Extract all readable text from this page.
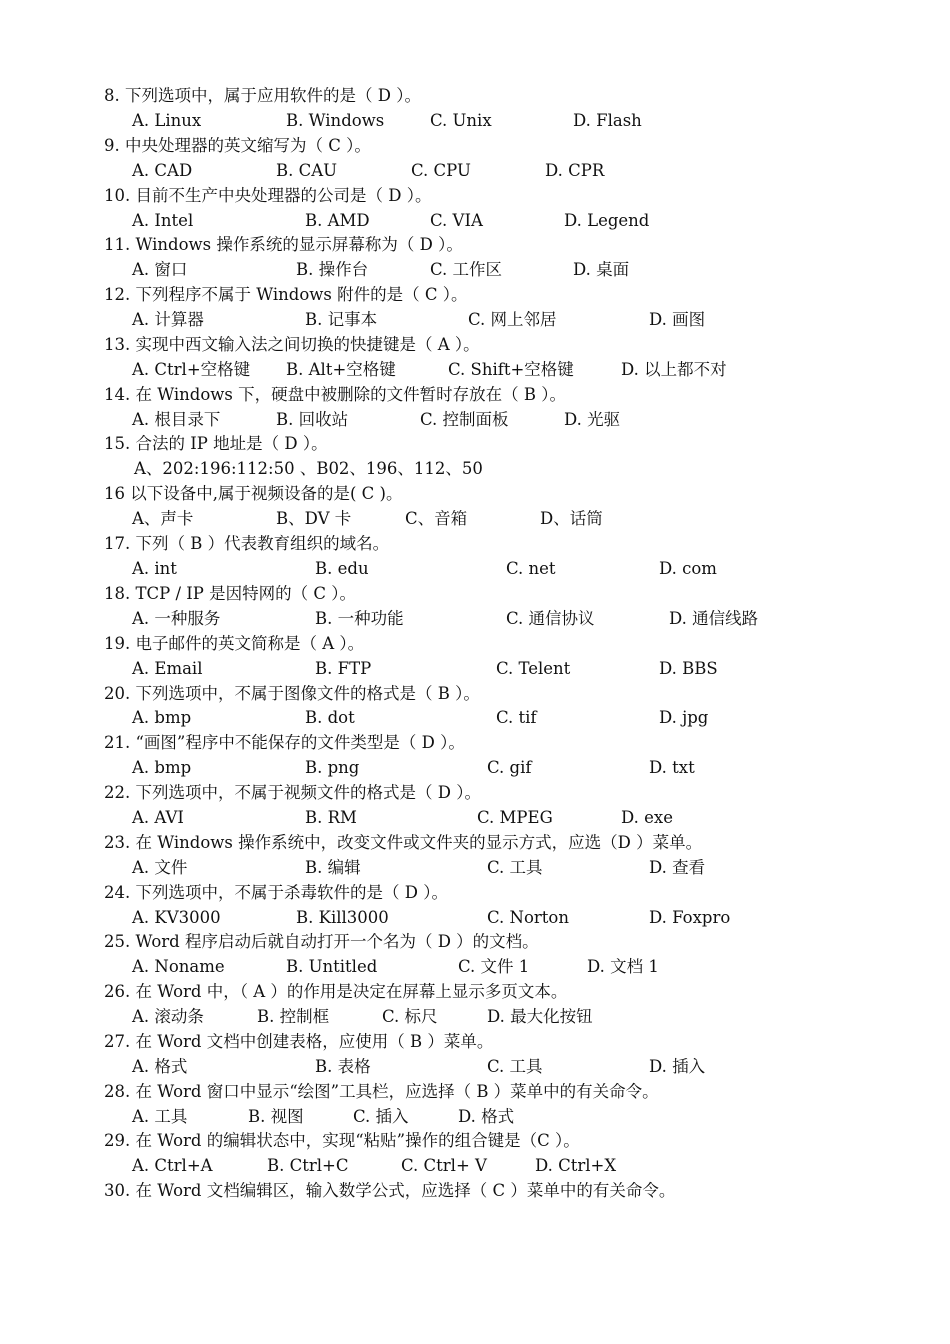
8. 下列选项中，属于应用软件的是（ D ）。
A. Linux	B. Windows	C. Unix	D. Flash
9. 中央处理器的英文缩写为（ C ）。
A. CAD	B. CAU	C. CPU	D. CPR
10. 目前不生产中央处理器的公司是（ D ）。
A. Intel	B. AMD	C. VIA	D. Legend
11. Windows 操作系统的显示屏幕称为（ D ）。
A. 窗口	B. 操作台	C. 工作区	D. 桌面
12. 下列程序不属于 Windows 附件的是（ C ）。
A. 计算器	B. 记事本	C. 网上邻居	D. 画图
13. 实现中西文输入法之间切换的快捷键是（ A ）。
A. Ctrl+空格键 B. Alt+空格键	C. Shift+空格键	D. 以上都不对
14. 在 Windows 下，硬盘中被删除的文件暂时存放在（ B ）。
A. 根目录下	B. 回收站	C. 控制面板	D. 光驱
15. 合法的 IP 地址是（ D ）。
A、202:196:112:50 、B02、196、112、50
16 以下设备中,属于视频设备的是( C )。
A、声卡	B、DV 卡	C、音箱	D、话筒
17. 下列（ B ）代表教育组织的域名。
A. int	B. edu	C. net	D. com
18. TCP / IP 是因特网的（ C ）。
A. 一种服务	B. 一种功能	C. 通信协议	D. 通信线路
19. 电子邮件的英文简称是（ A ）。
A. Email	B. FTP	C. Telent	D. BBS
20. 下列选项中，不属于图像文件的格式是（ B ）。
A. bmp	B. dot	C. tif	D. jpg
21. “画图”程序中不能保存的文件类型是（ D ）。
A. bmp	B. png	C. gif	D. txt
22. 下列选项中，不属于视频文件的格式是（ D ）。
A. AVI	B. RM	C. MPEG	D. exe
23. 在 Windows 操作系统中，改变文件或文件夹的显示方式，应选（D ）菜单。
A. 文件	B. 编辑	C. 工具	D. 查看
24. 下列选项中，不属于杀毒软件的是（ D ）。
A. KV3000	B. Kill3000	C. Norton	D. Foxpro
25. Word 程序启动后就自动打开一个名为（ D ）的文档。
A. Noname	B. Untitled	C. 文件 1	D. 文档 1
26. 在 Word 中，（ A ）的作用是决定在屏幕上显示多页文本。
A. 滚动条	B. 控制框	C. 标尺	D. 最大化按钮
27. 在 Word 文档中创建表格，应使用（ B ）菜单。
A. 格式	B. 表格	C. 工具	D. 插入
28. 在 Word 窗口中显示“绘图”工具栏，应选择（ B ）菜单中的有关命令。
A. 工具	B. 视图	C. 插入	D. 格式
29. 在 Word 的编辑状态中，实现“粘贴”操作的组合键是（C ）。
A. Ctrl+A	B. Ctrl+C	C. Ctrl+ V	D. Ctrl+X
30. 在 Word 文档编辑区，输入数学公式，应选择（ C ）菜单中的有关命令。
